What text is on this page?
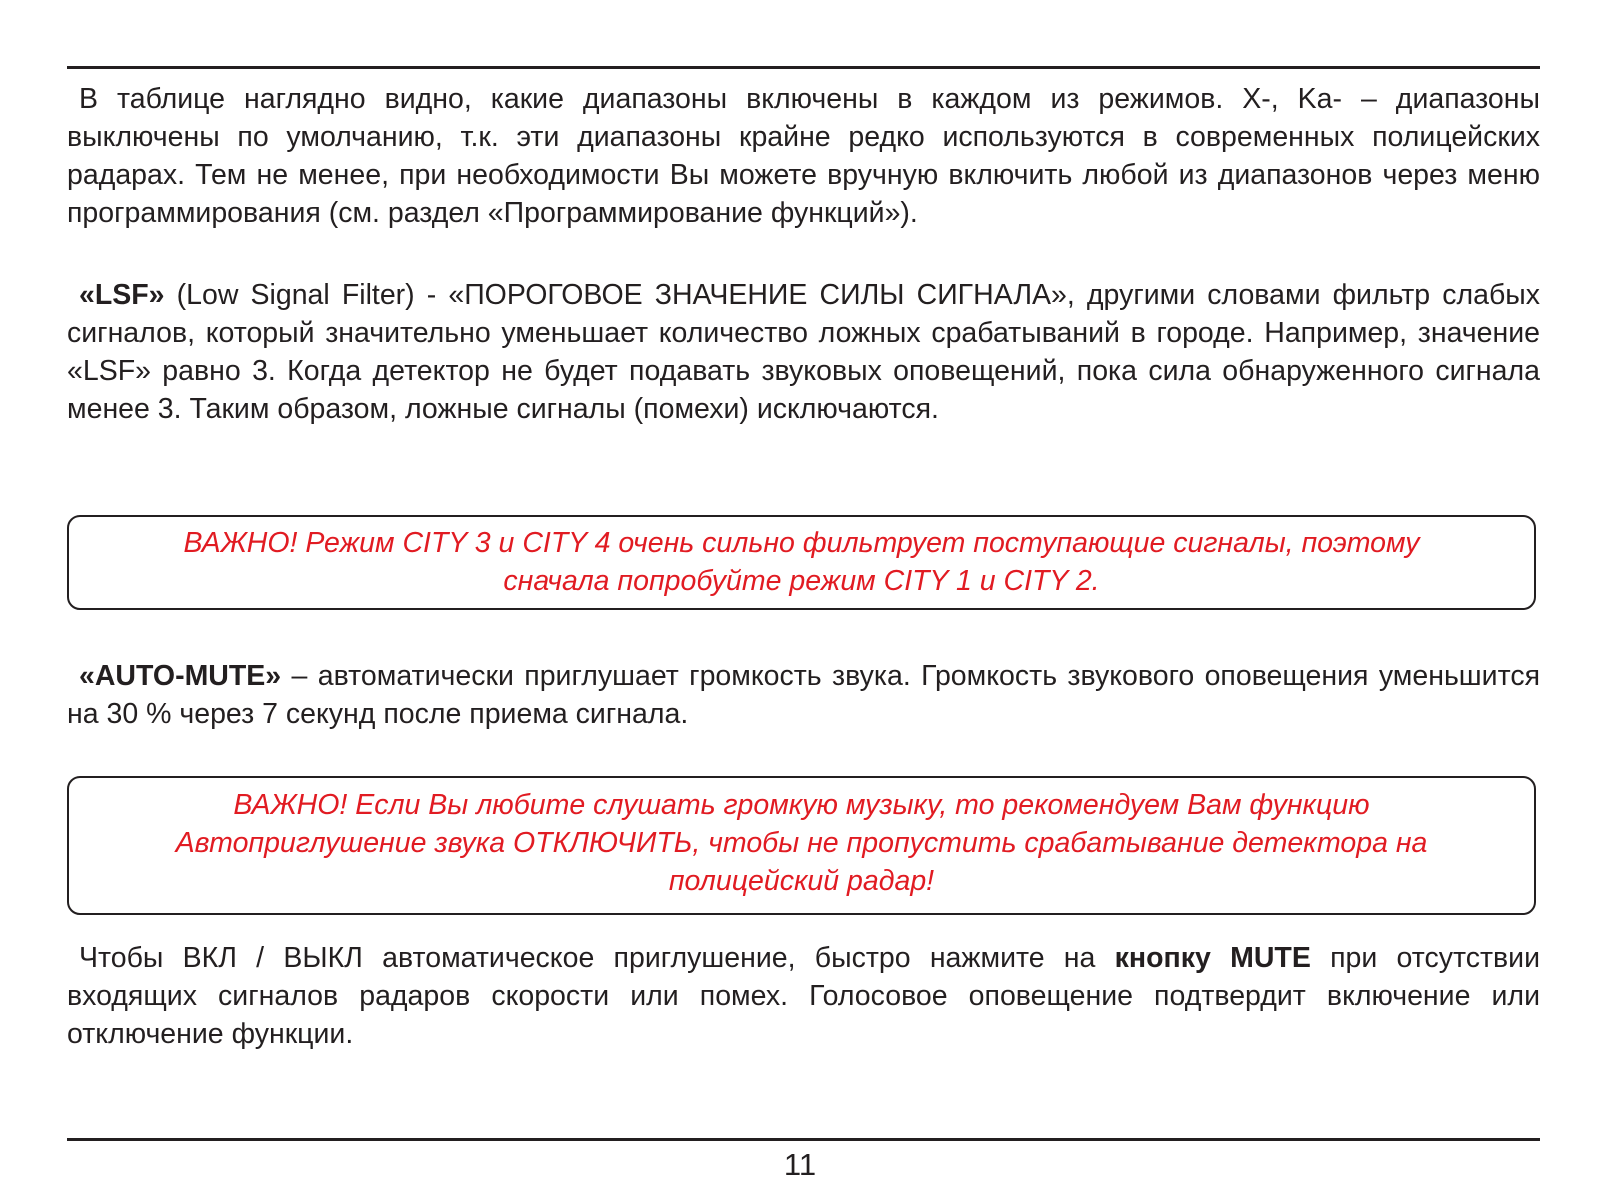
В таблице наглядно видно, какие диапазоны включены в каждом из режимов. X-, Ka- – диапазоны выключены по умолчанию, т.к. эти диапазоны крайне редко используются в современных полицейских радарах. Тем не менее, при необходимости Вы можете вручную включить любой из диапазонов через меню программирования (см. раздел «Программирование функций»).

«LSF» (Low Signal Filter) - «ПОРОГОВОЕ ЗНАЧЕНИЕ СИЛЫ СИГНАЛА», другими словами фильтр слабых сигналов, который значительно уменьшает количество ложных срабатываний в городе. Например, значение «LSF» равно 3. Когда детектор не будет подавать звуковых оповещений, пока сила обнаруженного сигнала менее 3. Таким образом, ложные сигналы (помехи) исключаются.

ВАЖНО! Режим CITY 3 и CITY 4 очень сильно фильтрует поступающие сигналы, поэтому
сначала попробуйте режим CITY 1 и CITY 2.

«AUTO-MUTE» – автоматически приглушает громкость звука. Громкость звукового оповещения уменьшится на 30 % через 7 секунд после приема сигнала.

ВАЖНО! Если Вы любите слушать громкую музыку, то рекомендуем Вам функцию
Автоприглушение звука ОТКЛЮЧИТЬ, чтобы не пропустить срабатывание детектора на
полицейский радар!

Чтобы ВКЛ / ВЫКЛ автоматическое приглушение, быстро нажмите на кнопку MUTE при отсутствии входящих сигналов радаров скорости или помех. Голосовое оповещение подтвердит включение или отключение функции.

11
